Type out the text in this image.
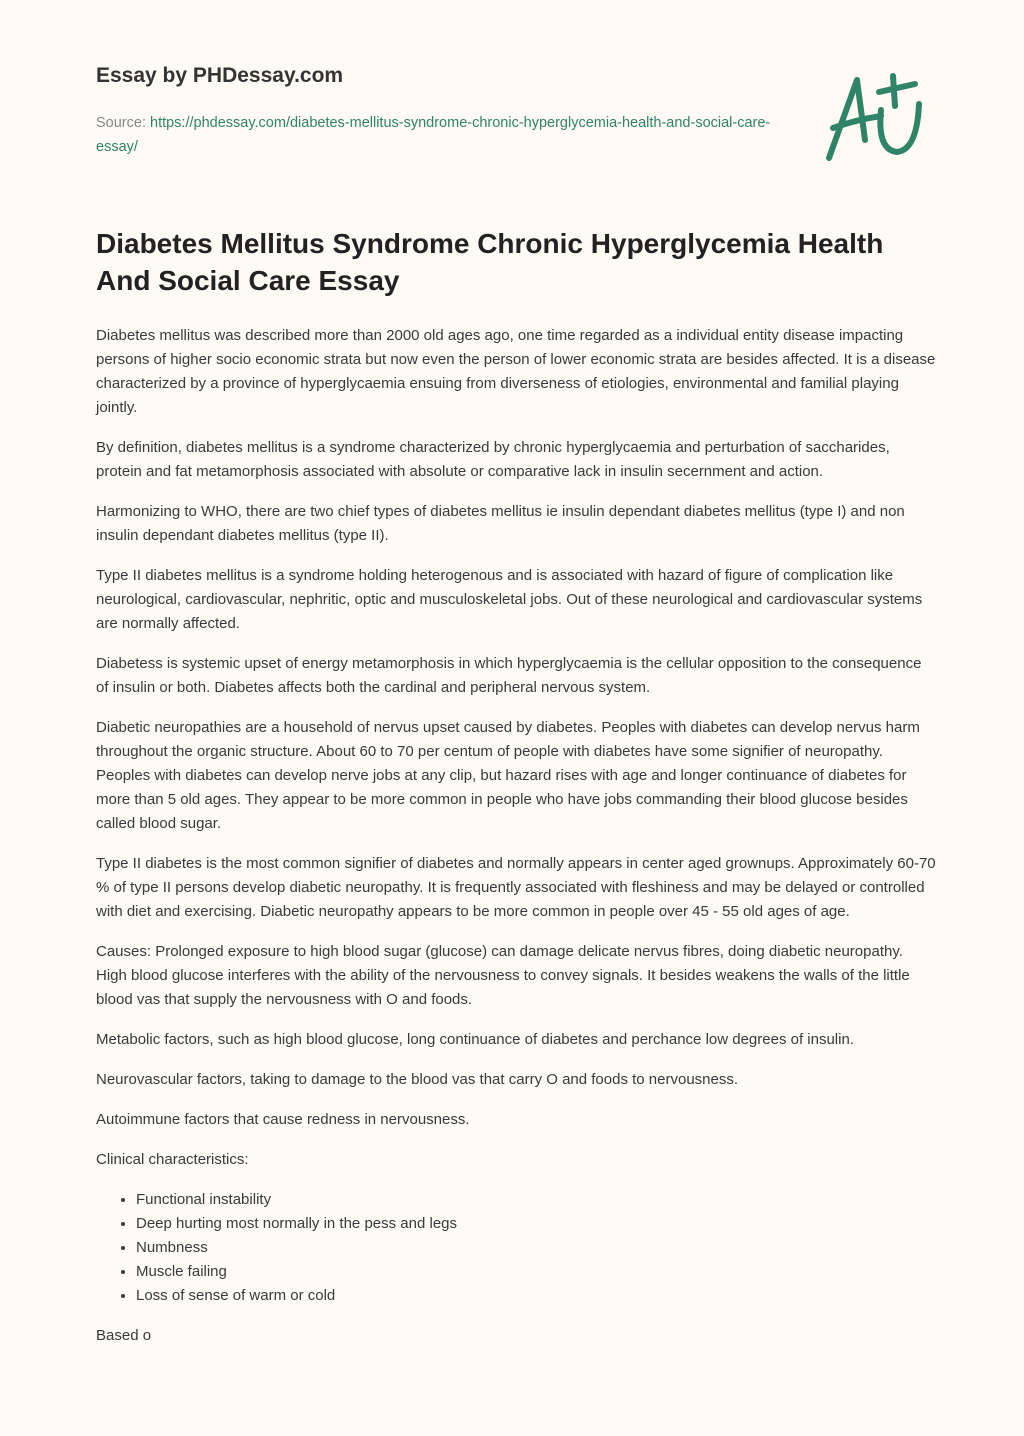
Essay by PHDessay.com
Source: https://phdessay.com/diabetes-mellitus-syndrome-chronic-hyperglycemia-health-and-social-care-essay/
Diabetes Mellitus Syndrome Chronic Hyperglycemia Health And Social Care Essay

Diabetes mellitus was described more than 2000 old ages ago, one time regarded as a individual entity disease impacting persons of higher socio economic strata but now even the person of lower economic strata are besides affected. It is a disease characterized by a province of hyperglycaemia ensuing from diverseness of etiologies, environmental and familial playing jointly.

By definition, diabetes mellitus is a syndrome characterized by chronic hyperglycaemia and perturbation of saccharides, protein and fat metamorphosis associated with absolute or comparative lack in insulin secernment and action.

Harmonizing to WHO, there are two chief types of diabetes mellitus ie insulin dependant diabetes mellitus (type I) and non insulin dependant diabetes mellitus (type II).

Type II diabetes mellitus is a syndrome holding heterogenous and is associated with hazard of figure of complication like neurological, cardiovascular, nephritic, optic and musculoskeletal jobs. Out of these neurological and cardiovascular systems are normally affected.

Diabetess is systemic upset of energy metamorphosis in which hyperglycaemia is the cellular opposition to the consequence of insulin or both. Diabetes affects both the cardinal and peripheral nervous system.

Diabetic neuropathies are a household of nervus upset caused by diabetes. Peoples with diabetes can develop nervus harm throughout the organic structure. About 60 to 70 per centum of people with diabetes have some signifier of neuropathy. Peoples with diabetes can develop nerve jobs at any clip, but hazard rises with age and longer continuance of diabetes for more than 5 old ages. They appear to be more common in people who have jobs commanding their blood glucose besides called blood sugar.

Type II diabetes is the most common signifier of diabetes and normally appears in center aged grownups. Approximately 60-70 % of type II persons develop diabetic neuropathy. It is frequently associated with fleshiness and may be delayed or controlled with diet and exercising. Diabetic neuropathy appears to be more common in people over 45 - 55 old ages of age.

Causes: Prolonged exposure to high blood sugar (glucose) can damage delicate nervus fibres, doing diabetic neuropathy. High blood glucose interferes with the ability of the nervousness to convey signals. It besides weakens the walls of the little blood vas that supply the nervousness with O and foods.

Metabolic factors, such as high blood glucose, long continuance of diabetes and perchance low degrees of insulin.

Neurovascular factors, taking to damage to the blood vas that carry O and foods to nervousness.

Autoimmune factors that cause redness in nervousness.

Clinical characteristics:

• Functional instability
• Deep hurting most normally in the pess and legs
• Numbness
• Muscle failing
• Loss of sense of warm or cold

Based o
